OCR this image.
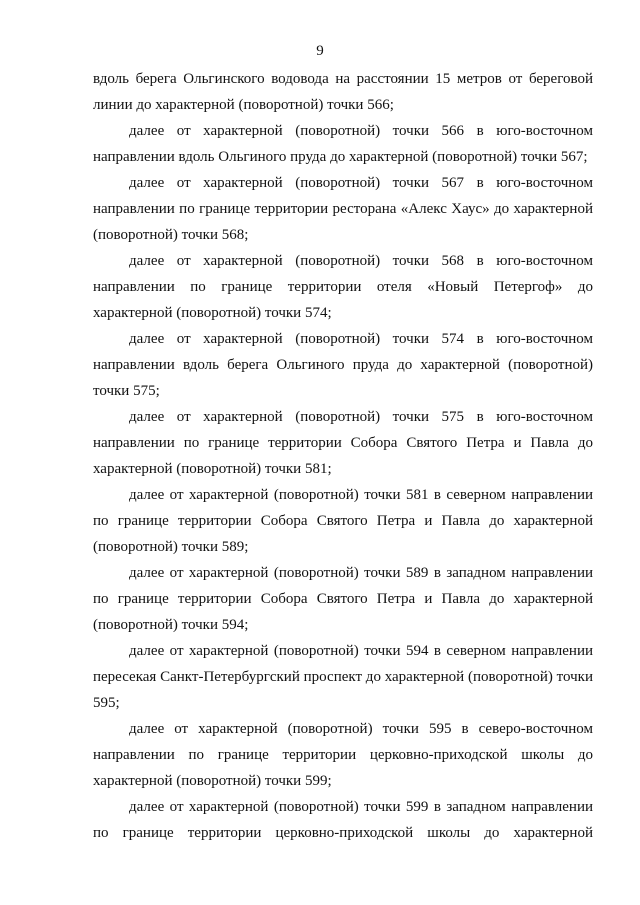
9

вдоль берега Ольгинского водовода на расстоянии 15 метров от береговой линии до характерной (поворотной) точки 566;

далее от характерной (поворотной) точки 566 в юго-восточном направлении вдоль Ольгиного пруда до характерной (поворотной) точки 567;

далее от характерной (поворотной) точки 567 в юго-восточном направлении по границе территории ресторана «Алекс Хаус» до характерной (поворотной) точки 568;

далее от характерной (поворотной) точки 568 в юго-восточном направлении по границе территории отеля «Новый Петергоф» до характерной (поворотной) точки 574;

далее от характерной (поворотной) точки 574 в юго-восточном направлении вдоль берега Ольгиного пруда до характерной (поворотной) точки 575;

далее от характерной (поворотной) точки 575 в юго-восточном направлении по границе территории Собора Святого Петра и Павла до характерной (поворотной) точки 581;

далее от характерной (поворотной) точки 581 в северном направлении по границе территории Собора Святого Петра и Павла до характерной (поворотной) точки 589;

далее от характерной (поворотной) точки 589 в западном направлении по границе территории Собора Святого Петра и Павла до характерной (поворотной) точки 594;

далее от характерной (поворотной) точки 594 в северном направлении пересекая Санкт-Петербургский проспект до характерной (поворотной) точки 595;

далее от характерной (поворотной) точки 595 в северо-восточном направлении по границе территории церковно-приходской школы до характерной (поворотной) точки 599;

далее от характерной (поворотной) точки 599 в западном направлении по границе территории церковно-приходской школы до характерной
